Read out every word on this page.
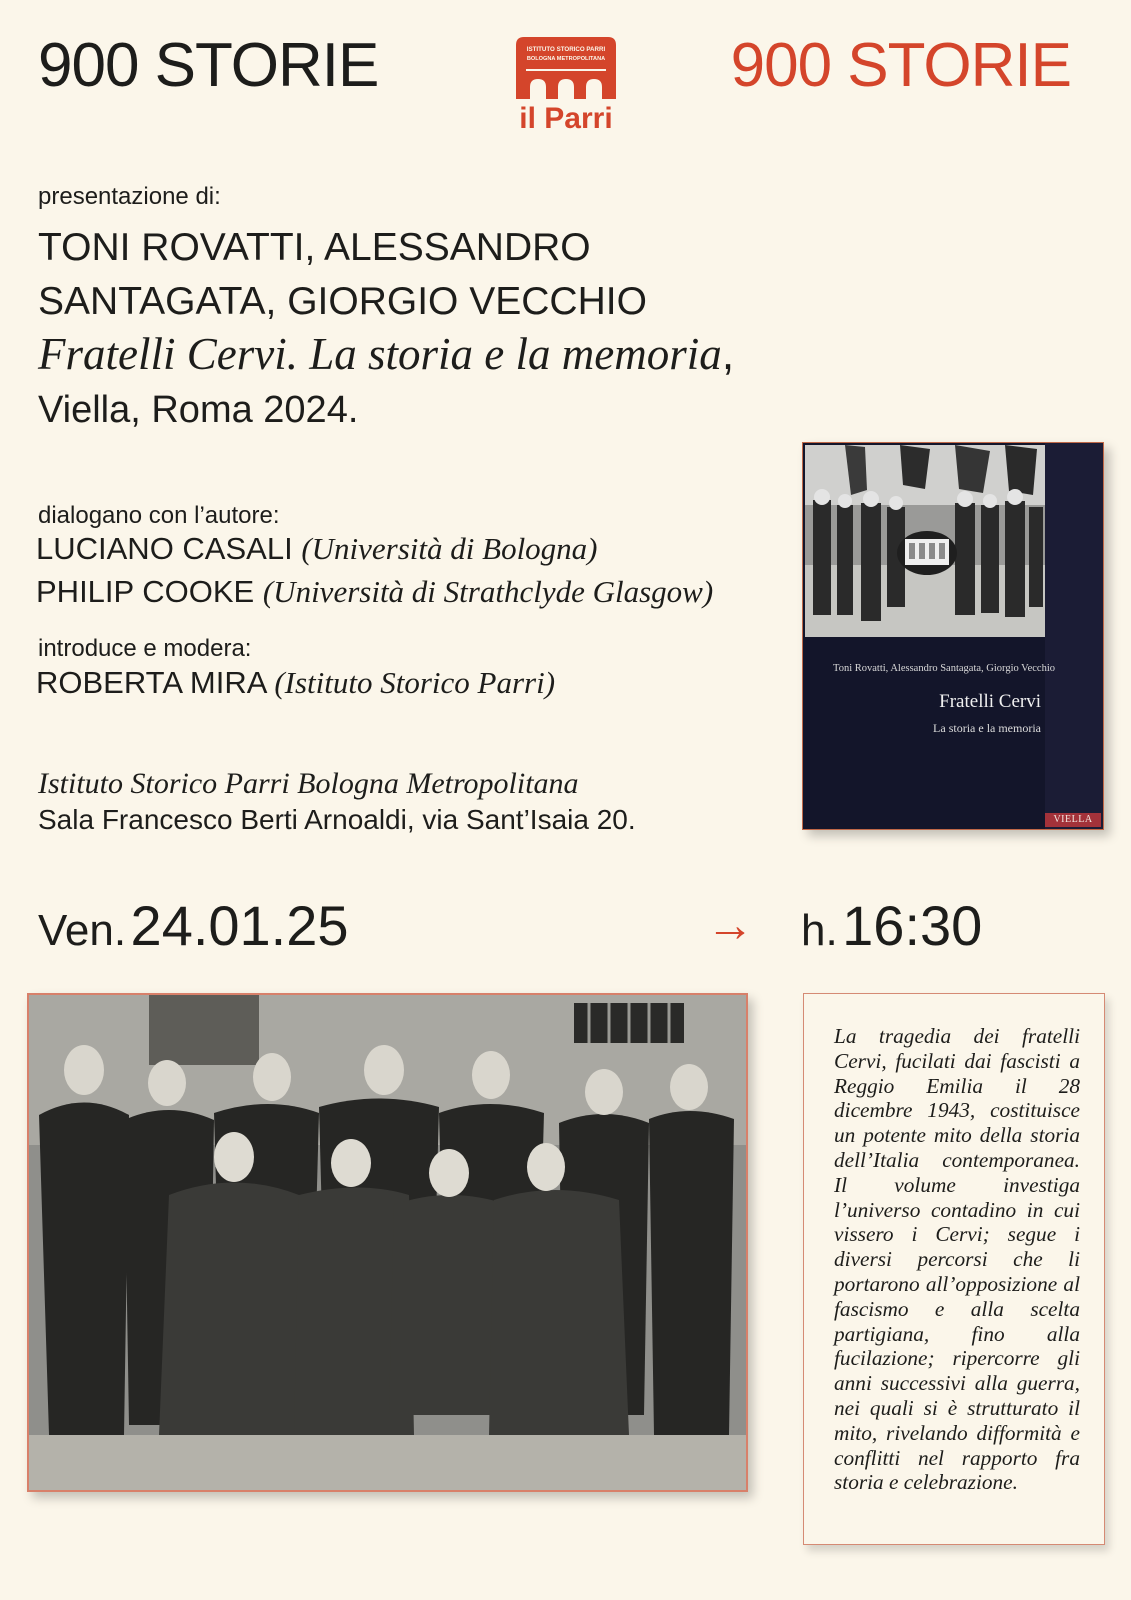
900 STORIE	900 STORIE
ISTITUTO STORICO PARRI
BOLOGNA METROPOLITANA
il Parri
presentazione di:
TONI ROVATTI, ALESSANDRO
SANTAGATA, GIORGIO VECCHIO
Fratelli Cervi. La storia e la memoria,
Viella, Roma 2024.
dialogano con l’autore:
LUCIANO CASALI (Università di Bologna)
PHILIP COOKE (Università di Strathclyde Glasgow)
introduce e modera:
ROBERTA MIRA (Istituto Storico Parri)
Istituto Storico Parri Bologna Metropolitana
Sala Francesco Berti Arnoaldi, via Sant’Isaia 20.
Toni Rovatti, Alessandro Santagata, Giorgio Vecchio
Fratelli Cervi
La storia e la memoria
VIELLA
Ven. 24.01.25	→ h. 16:30
La tragedia dei fratelli Cervi, fucilati dai fascisti a Reggio Emilia il 28 dicembre 1943, costituisce un potente mito della storia dell’Italia contemporanea. Il volume investiga l’universo contadino in cui vissero i Cervi; segue i diversi percorsi che li portarono all’opposizione al fascismo e alla scelta partigiana, fino alla fucilazione; ripercorre gli anni successivi alla guerra, nei quali si è strutturato il mito, rivelando difformità e conflitti nel rapporto fra storia e celebrazione.
